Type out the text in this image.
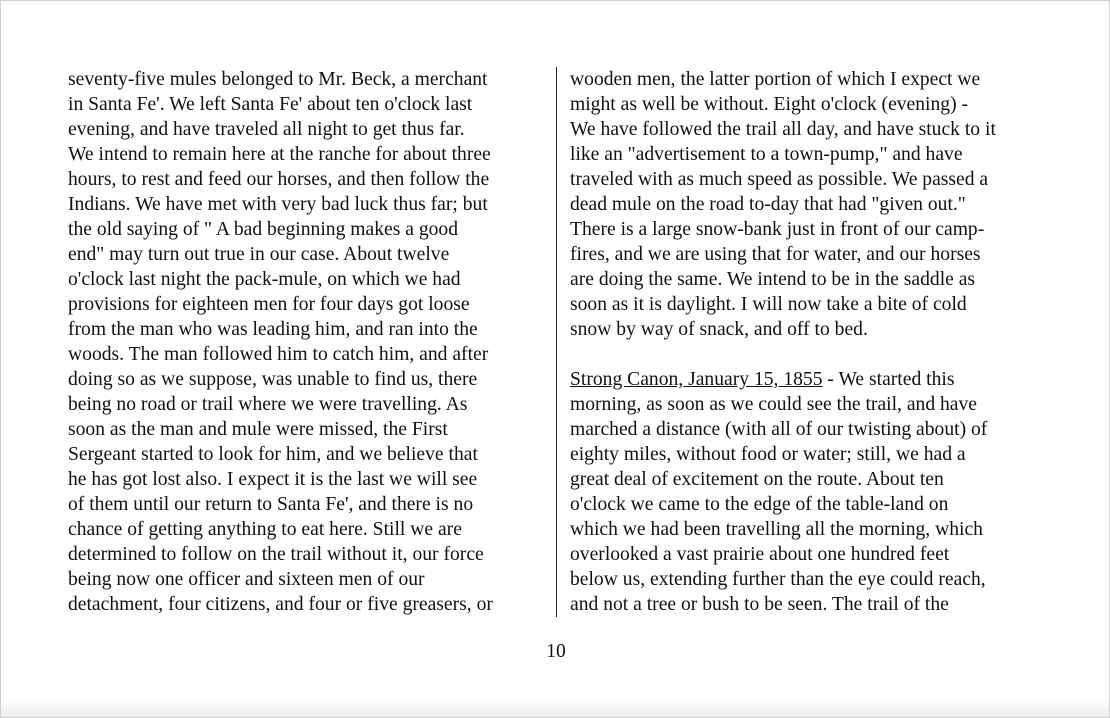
seventy-five mules belonged to Mr. Beck, a merchant
in Santa Fe'. We left Santa Fe' about ten o'clock last
evening, and have traveled all night to get thus far.
We intend to remain here at the ranche for about three
hours, to rest and feed our horses, and then follow the
Indians. We have met with very bad luck thus far; but
the old saying of " A bad beginning makes a good
end" may turn out true in our case. About twelve
o'clock last night the pack-mule, on which we had
provisions for eighteen men for four days got loose
from the man who was leading him, and ran into the
woods. The man followed him to catch him, and after
doing so as we suppose, was unable to find us, there
being no road or trail where we were travelling. As
soon as the man and mule were missed, the First
Sergeant started to look for him, and we believe that
he has got lost also. I expect it is the last we will see
of them until our return to Santa Fe', and there is no
chance of getting anything to eat here. Still we are
determined to follow on the trail without it, our force
being now one officer and sixteen men of our
detachment, four citizens, and four or five greasers, or
wooden men, the latter portion of which I expect we
might as well be without. Eight o'clock (evening) -
We have followed the trail all day, and have stuck to it
like an "advertisement to a town-pump," and have
traveled with as much speed as possible. We passed a
dead mule on the road to-day that had "given out."
There is a large snow-bank just in front of our camp-
fires, and we are using that for water, and our horses
are doing the same. We intend to be in the saddle as
soon as it is daylight. I will now take a bite of cold
snow by way of snack, and off to bed.
Strong Canon, January 15, 1855 - We started this
morning, as soon as we could see the trail, and have
marched a distance (with all of our twisting about) of
eighty miles, without food or water; still, we had a
great deal of excitement on the route. About ten
o'clock we came to the edge of the table-land on
which we had been travelling all the morning, which
overlooked a vast prairie about one hundred feet
below us, extending further than the eye could reach,
and not a tree or bush to be seen. The trail of the
10
